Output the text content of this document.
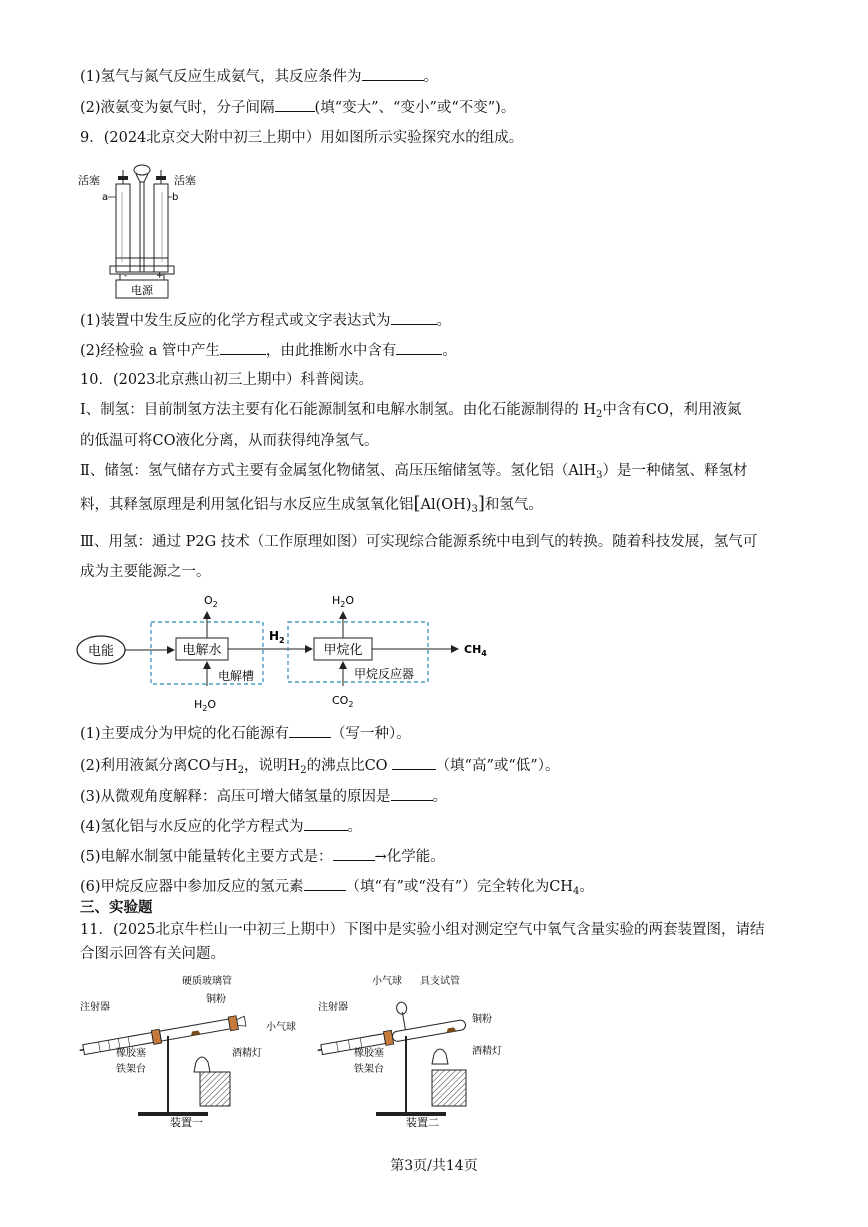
(1)氢气与氮气反应生成氨气，其反应条件为	。
(2)液氨变为氨气时，分子间隔	(填“变大”、“变小”或“不变”)。
9．(2024北京交大附中初三上期中）用如图所示实验探究水的组成。
电源
-	+
活塞	活塞
a	b
(1)装置中发生反应的化学方程式或文字表达式为	。
(2)经检验 a 管中产生	，由此推断水中含有	。
10．(2023北京燕山初三上期中）科普阅读。
Ⅰ、制氢：目前制氢方法主要有化石能源制氢和电解水制氢。由化石能源制得的 $H_2$中含有CO，利用液氮
的低温可将CO液化分离，从而获得纯净氢气。
Ⅱ、储氢：氢气储存方式主要有金属氢化物储氢、高压压缩储氢等。氢化铝（AlH$_3$）是一种储氢、释氢材
料，其释氢原理是利用氢化铝与水反应生成氢氧化铝$[Al(OH)_3]$和氢气。
Ⅲ、用氢：通过 P2G 技术（工作原理如图）可实现综合能源系统中电到气的转换。随着科技发展，氢气可
成为主要能源之一。
电能	电解水
电解槽
$O_2$
$H_2O$
$H_2$
甲烷化
甲烷反应器
$H_2O$
$CO_2$
$CH_4$
(1)主要成分为甲烷的化石能源有	（写一种）。
(2)利用液氮分离CO与$H_2$，说明$H_2$的沸点比CO	（填“高”或“低”）。
(3)从微观角度解释：高压可增大储氢量的原因是	。
(4)氢化铝与水反应的化学方程式为	。
(5)电解水制氢中能量转化主要方式是：	→化学能。
(6)甲烷反应器中参加反应的氢元素	（填“有”或“没有”）完全转化为$CH_4$。
三、实验题
11．(2025北京牛栏山一中初三上期中）下图中是实验小组对测定空气中氧气含量实验的两套装置图，请结
合图示回答有关问题。
硬质玻璃管
铜粉
注射器
小气球
橡胶塞
铁架台
酒精灯
装置一
小气球 具支试管
铜粉
注射器
橡胶塞
铁架台
酒精灯
装置二
第3页/共14页
